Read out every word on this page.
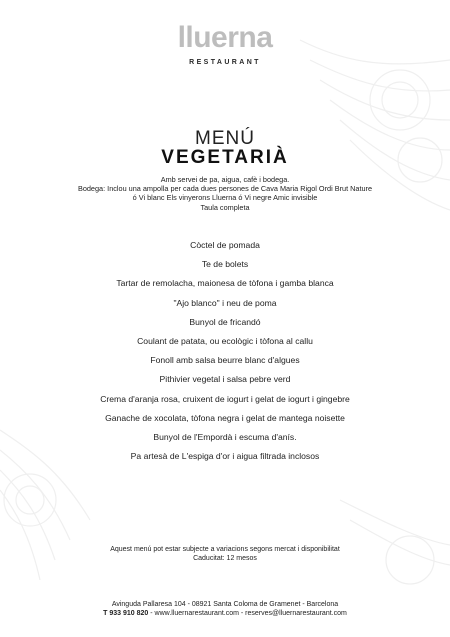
lluerna
RESTAURANT
MENÚ
VEGETARIÀ
Amb servei de pa, aigua, cafè i bodega.
Bodega: Inclou una ampolla per cada dues persones de Cava Maria Rigol Ordi Brut Nature
ó Vi blanc Els vinyerons Lluerna ó Vi negre Amic invisible
Taula completa
Còctel de pomada
Te de bolets
Tartar de remolacha, maionesa de tòfona i gamba blanca
"Ajo blanco" i neu de poma
Bunyol de fricandó
Coulant de patata, ou ecològic i tòfona al callu
Fonoll amb salsa beurre blanc d'algues
Pithivier vegetal i salsa pebre verd
Crema d'aranja rosa, cruixent de iogurt i gelat de iogurt i gingebre
Ganache de xocolata, tòfona negra i gelat de mantega noisette
Bunyol de l'Empordà i escuma d'anís.
Pa artesà de L'espiga d'or i aigua filtrada inclosos
Aquest menú pot estar subjecte a variacions segons mercat i disponibilitat
Caducitat: 12 mesos
Avinguda Pallaresa 104 - 08921 Santa Coloma de Gramenet - Barcelona
T 933 910 820 - www.lluernarestaurant.com - reserves@lluernarestaurant.com
